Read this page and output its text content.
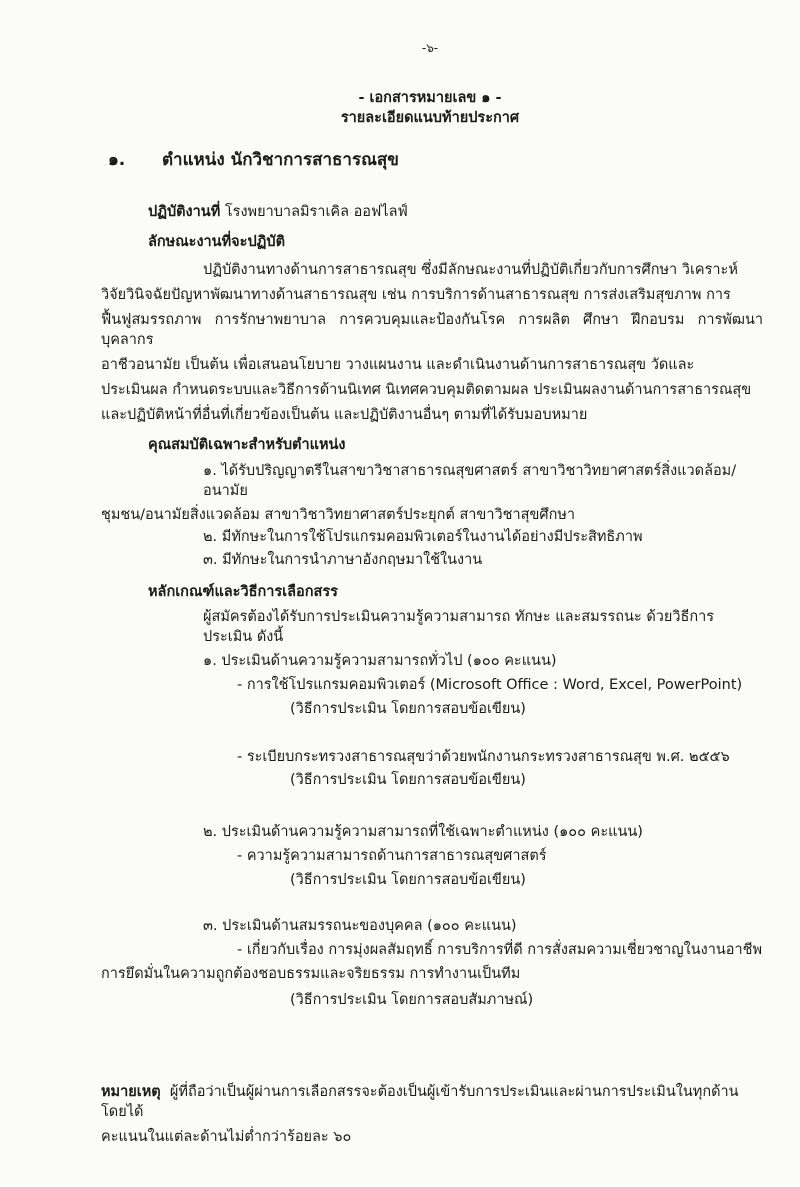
-๖-
- เอกสารหมายเลข ๑ -
รายละเอียดแนบท้ายประกาศ
๑.	ตำแหน่ง นักวิชาการสาธารณสุข
ปฏิบัติงานที่ โรงพยาบาลมิราเคิล ออฟไลฟ์
ลักษณะงานที่จะปฏิบัติ
ปฏิบัติงานทางด้านการสาธารณสุข ซึ่งมีลักษณะงานที่ปฏิบัติเกี่ยวกับการศึกษา วิเคราะห์
วิจัยวินิจฉัยปัญหาพัฒนาทางด้านสาธารณสุข เช่น การบริการด้านสาธารณสุข การส่งเสริมสุขภาพ การ
ฟื้นฟูสมรรถภาพ การรักษาพยาบาล การควบคุมและป้องกันโรค การผลิต ศึกษา ฝึกอบรม การพัฒนาบุคลากร
อาชีวอนามัย เป็นต้น เพื่อเสนอนโยบาย วางแผนงาน และดำเนินงานด้านการสาธารณสุข วัดและ
ประเมินผล กำหนดระบบและวิธีการด้านนิเทศ นิเทศควบคุมติดตามผล ประเมินผลงานด้านการสาธารณสุข
และปฏิบัติหน้าที่อื่นที่เกี่ยวข้องเป็นต้น และปฏิบัติงานอื่นๆ ตามที่ได้รับมอบหมาย
คุณสมบัติเฉพาะสำหรับตำแหน่ง
๑. ได้รับปริญญาตรีในสาขาวิชาสาธารณสุขศาสตร์ สาขาวิชาวิทยาศาสตร์สิ่งแวดล้อม/อนามัย
ชุมชน/อนามัยสิ่งแวดล้อม สาขาวิชาวิทยาศาสตร์ประยุกต์ สาขาวิชาสุขศึกษา
๒. มีทักษะในการใช้โปรแกรมคอมพิวเตอร์ในงานได้อย่างมีประสิทธิภาพ
๓. มีทักษะในการนำภาษาอังกฤษมาใช้ในงาน
หลักเกณฑ์และวิธีการเลือกสรร
ผู้สมัครต้องได้รับการประเมินความรู้ความสามารถ ทักษะ และสมรรถนะ ด้วยวิธีการประเมิน ดังนี้
๑. ประเมินด้านความรู้ความสามารถทั่วไป (๑๐๐ คะแนน)
- การใช้โปรแกรมคอมพิวเตอร์ (Microsoft Office : Word, Excel, PowerPoint)
(วิธีการประเมิน โดยการสอบข้อเขียน)
- ระเบียบกระทรวงสาธารณสุขว่าด้วยพนักงานกระทรวงสาธารณสุข พ.ศ. ๒๕๕๖
(วิธีการประเมิน โดยการสอบข้อเขียน)
๒. ประเมินด้านความรู้ความสามารถที่ใช้เฉพาะตำแหน่ง (๑๐๐ คะแนน)
- ความรู้ความสามารถด้านการสาธารณสุขศาสตร์
(วิธีการประเมิน โดยการสอบข้อเขียน)
๓. ประเมินด้านสมรรถนะของบุคคล (๑๐๐ คะแนน)
- เกี่ยวกับเรื่อง การมุ่งผลสัมฤทธิ์ การบริการที่ดี การสั่งสมความเชี่ยวชาญในงานอาชีพ
การยึดมั่นในความถูกต้องชอบธรรมและจริยธรรม การทำงานเป็นทีม
(วิธีการประเมิน โดยการสอบสัมภาษณ์)
หมายเหตุ ผู้ที่ถือว่าเป็นผู้ผ่านการเลือกสรรจะต้องเป็นผู้เข้ารับการประเมินและผ่านการประเมินในทุกด้าน โดยได้
คะแนนในแต่ละด้านไม่ต่ำกว่าร้อยละ ๖๐
